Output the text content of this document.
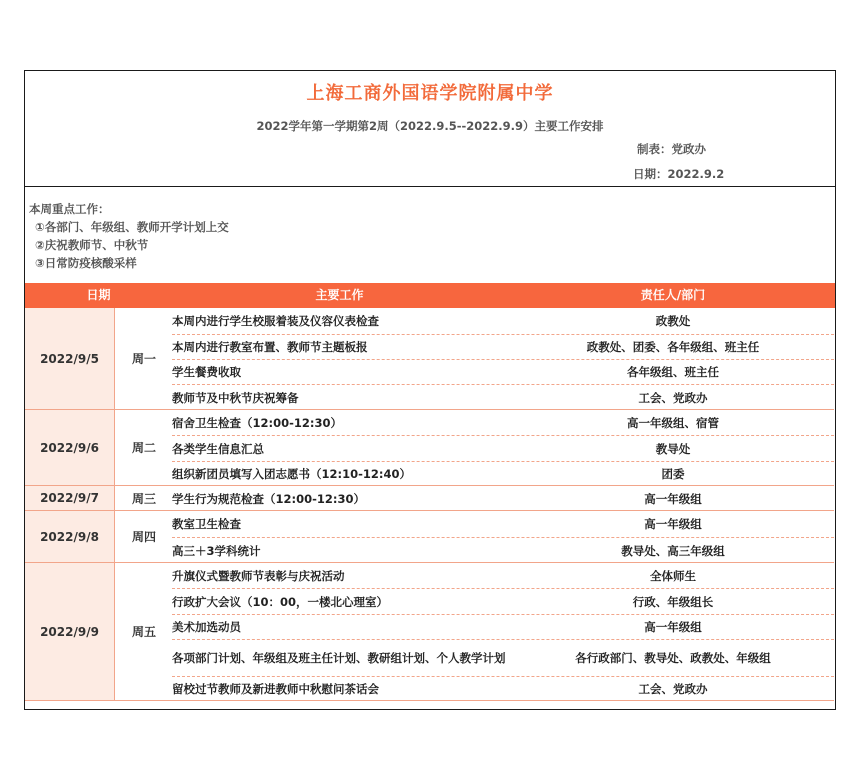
上海工商外国语学院附属中学
2022学年第一学期第2周（2022.9.5--2022.9.9）主要工作安排
制表：党政办
日期：2022.9.2
本周重点工作：
①各部门、年级组、教师开学计划上交
②庆祝教师节、中秋节
③日常防疫核酸采样
日期	主要工作	责任人/部门
2022/9/5	周一
本周内进行学生校服着装及仪容仪表检查	政教处
本周内进行教室布置、教师节主题板报	政教处、团委、各年级组、班主任
学生餐费收取	各年级组、班主任
教师节及中秋节庆祝筹备	工会、党政办
2022/9/6	周二
宿舍卫生检查（12:00-12:30）	高一年级组、宿管
各类学生信息汇总	教导处
组织新团员填写入团志愿书（12:10-12:40）	团委
2022/9/7	周三	学生行为规范检查（12:00-12:30）	高一年级组
2022/9/8	周四
教室卫生检查	高一年级组
高三＋3学科统计	教导处、高三年级组
2022/9/9	周五
升旗仪式暨教师节表彰与庆祝活动	全体师生
行政扩大会议（10：00，一楼北心理室）	行政、年级组长
美术加选动员	高一年级组
各项部门计划、年级组及班主任计划、教研组计划、个人教学计划	各行政部门、教导处、政教处、年级组
留校过节教师及新进教师中秋慰问茶话会	工会、党政办
